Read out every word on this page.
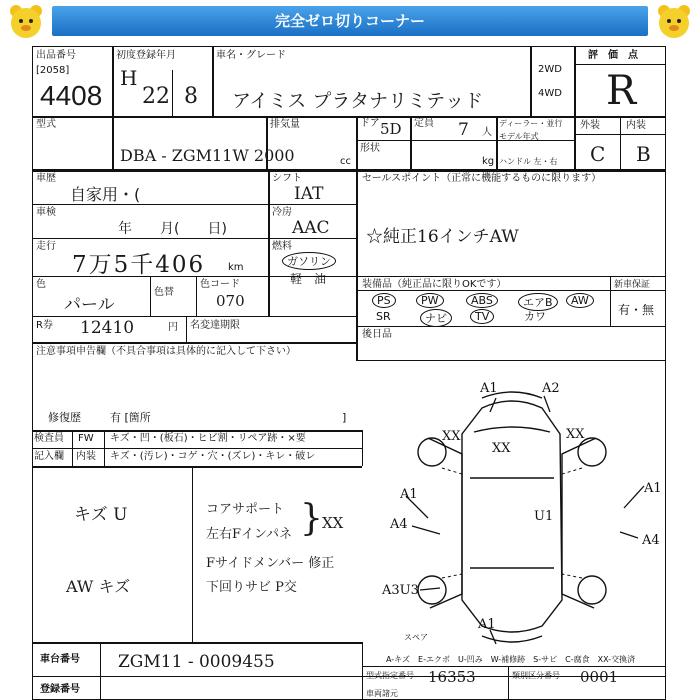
完全ゼロ切りコーナー
出品番号
[2058]
4408
初度登録年月
H
22 8
車名・グレード
アイミス プラタナリミテッド
2WD
4WD
評　価　点
R
型式
DBA - ZGM11W 2000
排気量
cc
ドア 5D 定員 7 人
形状
kg
ディーラー・並行
モデル年式
ハンドル 左・右
外装	内装
C B
車歴
自家用・(
シフト
IAT
セールスポイント（正常に機能するものに限ります）
☆純正16インチAW
車検
年　　月(　　日)
冷房
AAC
走行
7万5千406 km
燃料
ガソリン
軽　油
色
パール
色替
色コード
070
装備品（純正品に限りOKです）	新車保証
有・無
PS	PW	ABS	エアB	AW
SR	ナビ	TV	カワ
R券 12410	円 名変達期限
後日品
注意事項申告欄（不具合事項は具体的に記入して下さい）
修復歴	有 [箇所	]
検査員
記入欄
FW
内装
キズ・凹・(板石)・ヒビ割・リペア跡・×要
キズ・(汚レ)・コゲ・穴・(ズレ)・キレ・破レ
キズ U
AW キズ
コアサポート
左右Fインパネ
Fサイドメンバー 修正
下回りサビ P交
} XX
A1	A2
XX
XX
XX
A1
A4
U1
A1
A4
A3U3
A1
スペア
A-キズ　E-エクボ　U-凹み　W-補修跡　S-サビ　C-腐食　XX-交換済
車台番号 ZGM11 - 0009455
登録番号
型式指定番号 16353	類別区分番号 0001
車両諸元
